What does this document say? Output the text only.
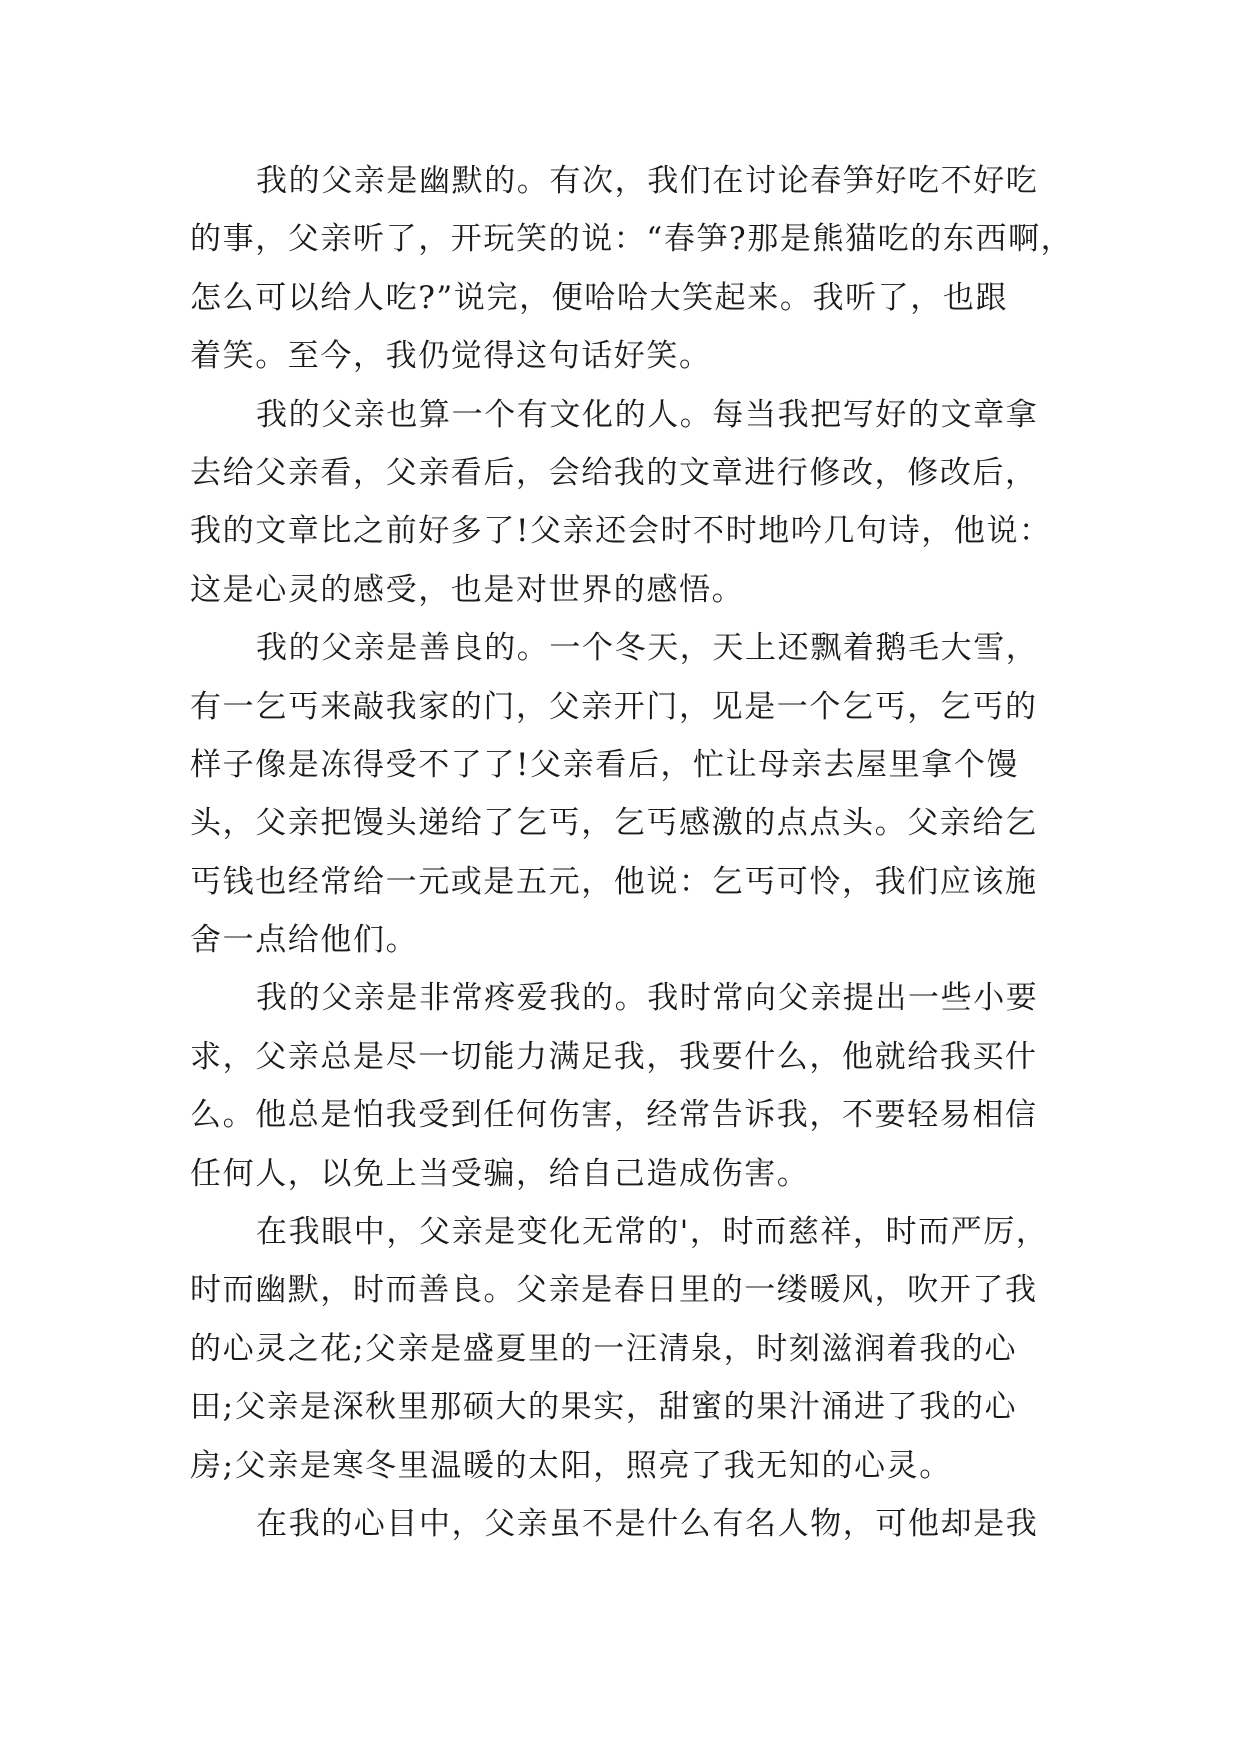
我的父亲是幽默的。有次，我们在讨论春笋好吃不好吃
的事，父亲听了，开玩笑的说：“春笋?那是熊猫吃的东西啊，
怎么可以给人吃?”说完，便哈哈大笑起来。我听了，也跟
着笑。至今，我仍觉得这句话好笑。
我的父亲也算一个有文化的人。每当我把写好的文章拿
去给父亲看，父亲看后，会给我的文章进行修改，修改后，
我的文章比之前好多了!父亲还会时不时地吟几句诗，他说：
这是心灵的感受，也是对世界的感悟。
我的父亲是善良的。一个冬天，天上还飘着鹅毛大雪，
有一乞丐来敲我家的门，父亲开门，见是一个乞丐，乞丐的
样子像是冻得受不了了!父亲看后，忙让母亲去屋里拿个馒
头，父亲把馒头递给了乞丐，乞丐感激的点点头。父亲给乞
丐钱也经常给一元或是五元，他说：乞丐可怜，我们应该施
舍一点给他们。
我的父亲是非常疼爱我的。我时常向父亲提出一些小要
求，父亲总是尽一切能力满足我，我要什么，他就给我买什
么。他总是怕我受到任何伤害，经常告诉我，不要轻易相信
任何人，以免上当受骗，给自己造成伤害。
在我眼中，父亲是变化无常的'，时而慈祥，时而严厉，
时而幽默，时而善良。父亲是春日里的一缕暖风，吹开了我
的心灵之花;父亲是盛夏里的一汪清泉，时刻滋润着我的心
田;父亲是深秋里那硕大的果实，甜蜜的果汁涌进了我的心
房;父亲是寒冬里温暖的太阳，照亮了我无知的心灵。
在我的心目中，父亲虽不是什么有名人物，可他却是我
